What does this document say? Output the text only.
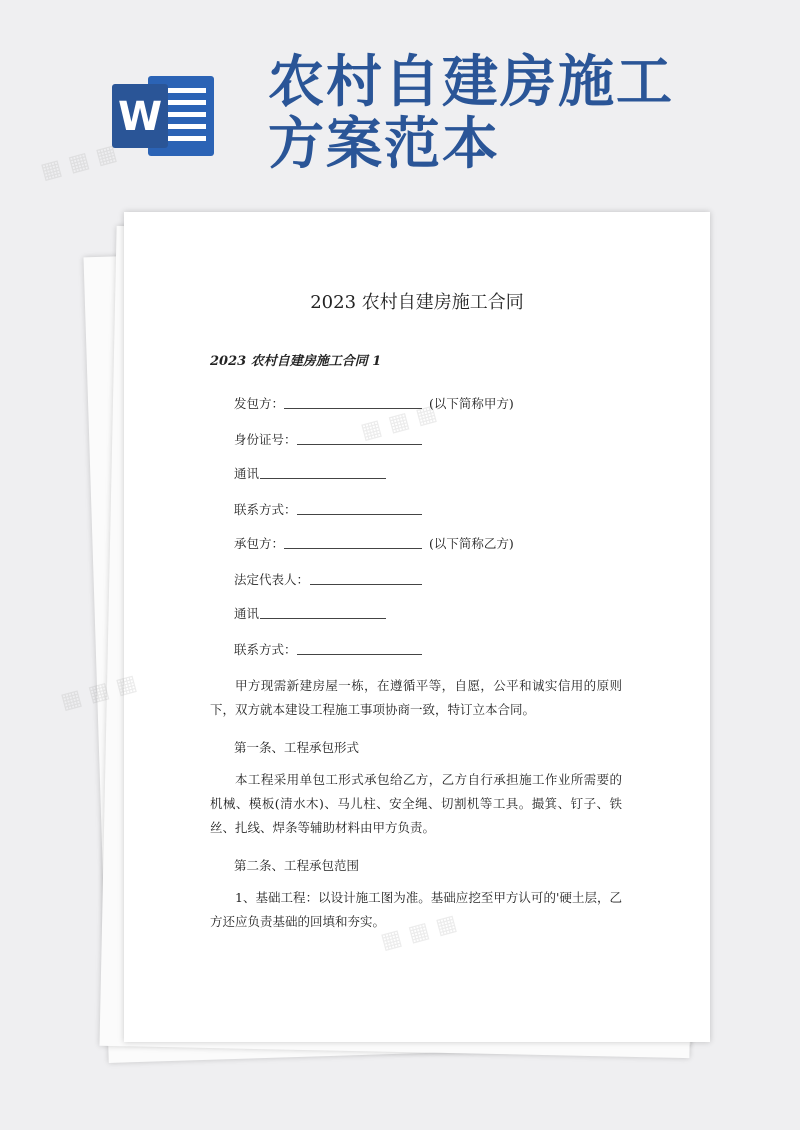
W
农村自建房施工方案范本
2023 农村自建房施工合同
2023 农村自建房施工合同 1
发包方：	(以下简称甲方)
身份证号：
通讯
联系方式：
承包方：	(以下简称乙方)
法定代表人：
通讯
联系方式：
甲方现需新建房屋一栋，在遵循平等，自愿，公平和诚实信用的原则下，双方就本建设工程施工事项协商一致，特订立本合同。
第一条、工程承包形式
本工程采用单包工形式承包给乙方，乙方自行承担施工作业所需要的机械、模板(清水木)、马儿柱、安全绳、切割机等工具。撮箕、钉子、铁丝、扎线、焊条等辅助材料由甲方负责。
第二条、工程承包范围
1、基础工程：以设计施工图为准。基础应挖至甲方认可的'硬土层，乙方还应负责基础的回填和夯实。
▦ ▦ ▦
▦
